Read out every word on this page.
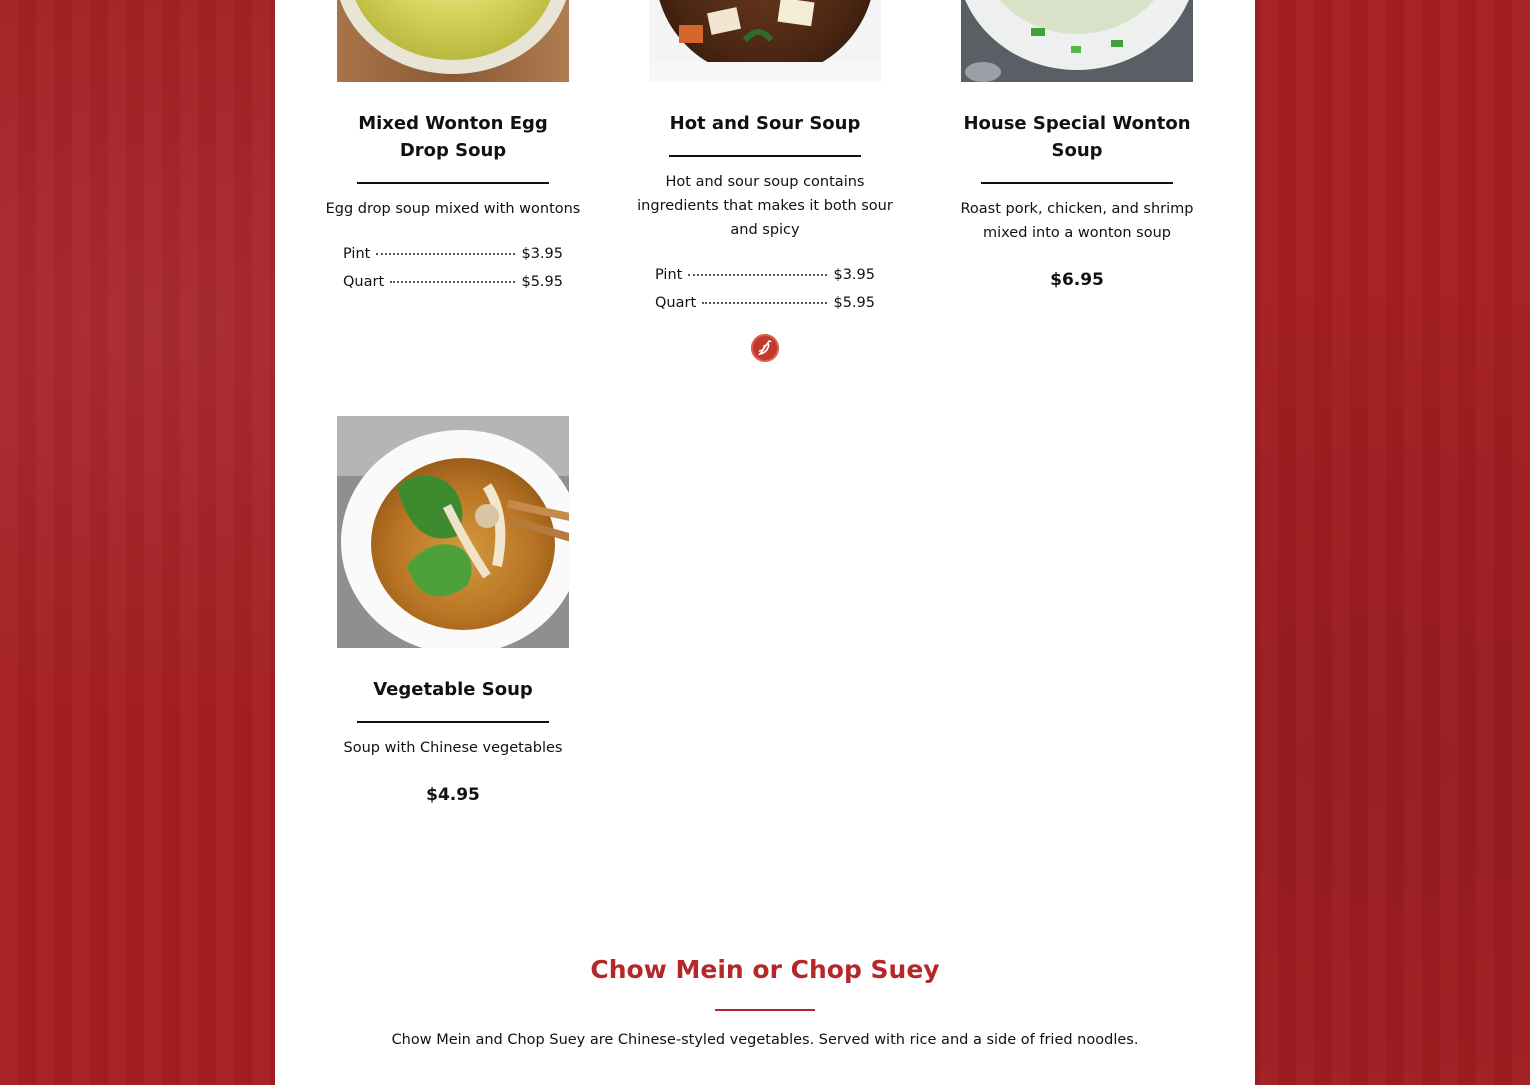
Mixed Wonton Egg Drop Soup
Egg drop soup mixed with wontons
Pint	$3.95
Quart	$5.95
Hot and Sour Soup
Hot and sour soup contains ingredients that makes it both sour and spicy
Pint	$3.95
Quart	$5.95
House Special Wonton Soup
Roast pork, chicken, and shrimp mixed into a wonton soup
$6.95
Vegetable Soup
Soup with Chinese vegetables
$4.95
Chow Mein or Chop Suey
Chow Mein and Chop Suey are Chinese-styled vegetables. Served with rice and a side of fried noodles.
